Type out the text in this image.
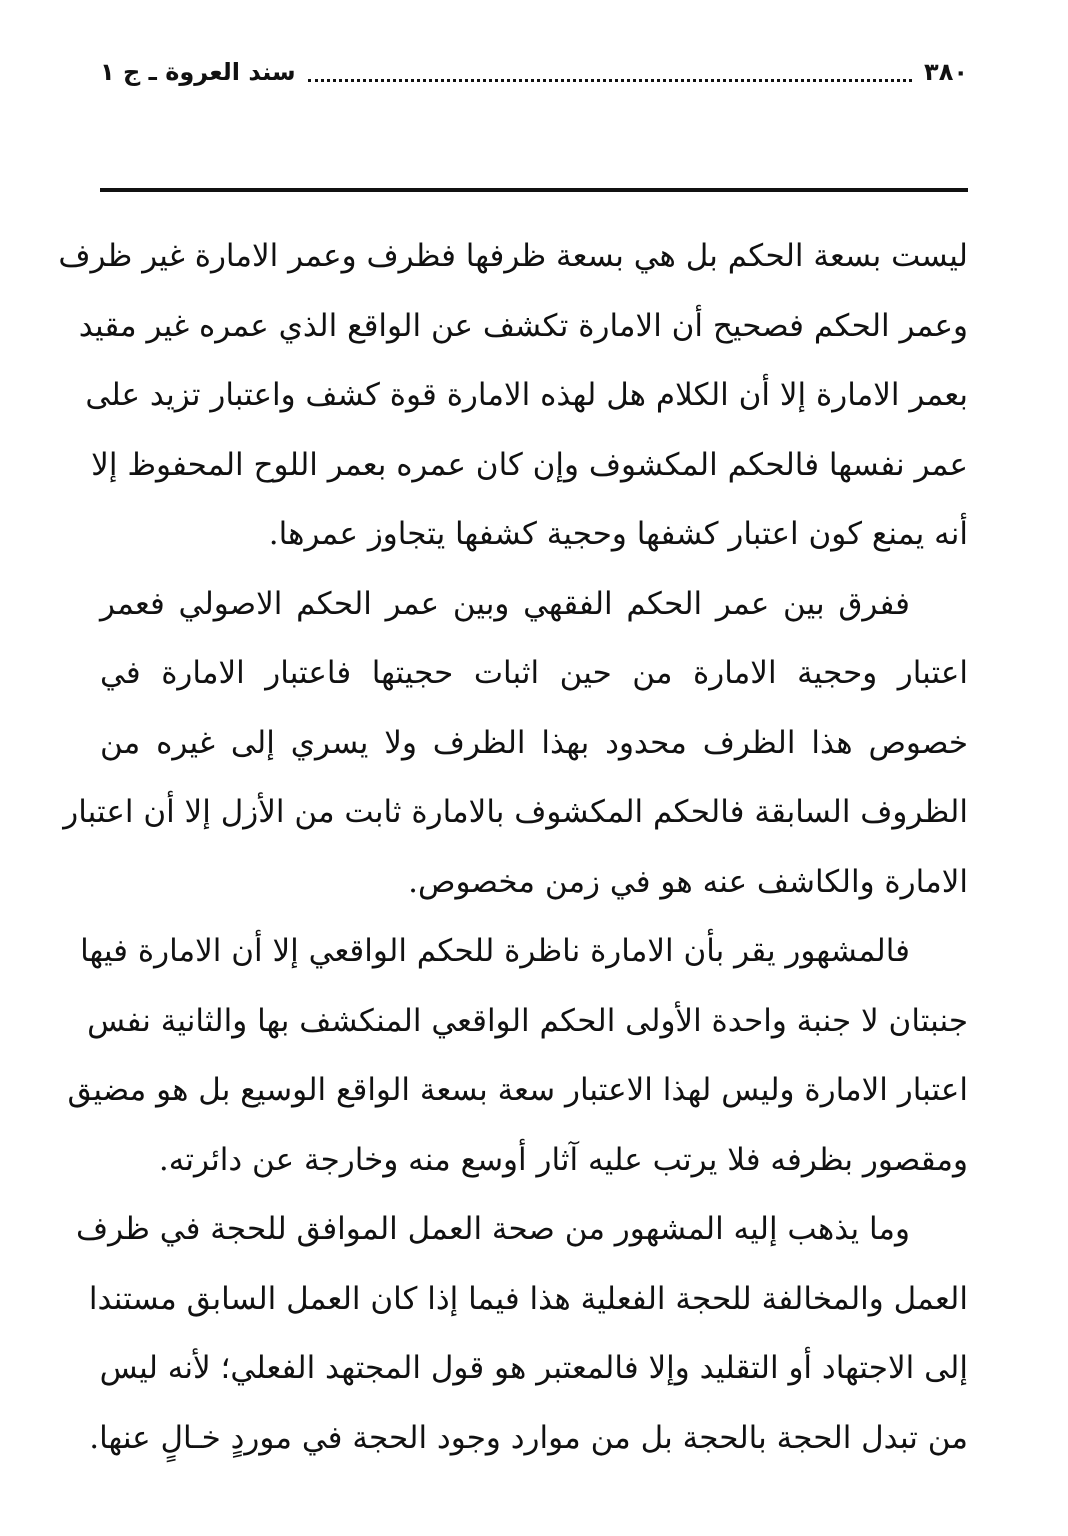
٣٨٠
سند العروة ـ ج ١
ليست بسعة الحكم بل هي بسعة ظرفها فظرف وعمر الامارة غير ظرف
وعمر الحكم فصحيح أن الامارة تكشف عن الواقع الذي عمره غير مقيد
بعمر الامارة إلا أن الكلام هل لهذه الامارة قوة كشف واعتبار تزيد على
عمر نفسها فالحكم المكشوف وإن كان عمره بعمر اللوح المحفوظ إلا
أنه يمنع كون اعتبار كشفها وحجية كشفها يتجاوز عمرها.
ففرق بين عمر الحكم الفقهي وبين عمر الحكم الاصولي فعمر
اعتبار وحجية الامارة من حين اثبات حجيتها فاعتبار الامارة في
خصوص هذا الظرف محدود بهذا الظرف ولا يسري إلى غيره من
الظروف السابقة فالحكم المكشوف بالامارة ثابت من الأزل إلا أن اعتبار
الامارة والكاشف عنه هو في زمن مخصوص.
فالمشهور يقر بأن الامارة ناظرة للحكم الواقعي إلا أن الامارة فيها
جنبتان لا جنبة واحدة الأولى الحكم الواقعي المنكشف بها والثانية نفس
اعتبار الامارة وليس لهذا الاعتبار سعة بسعة الواقع الوسيع بل هو مضيق
ومقصور بظرفه فلا يرتب عليه آثار أوسع منه وخارجة عن دائرته.
وما يذهب إليه المشهور من صحة العمل الموافق للحجة في ظرف
العمل والمخالفة للحجة الفعلية هذا فيما إذا كان العمل السابق مستندا
إلى الاجتهاد أو التقليد وإلا فالمعتبر هو قول المجتهد الفعلي؛ لأنه ليس
من تبدل الحجة بالحجة بل من موارد وجود الحجة في موردٍ خـالٍ عنها.
